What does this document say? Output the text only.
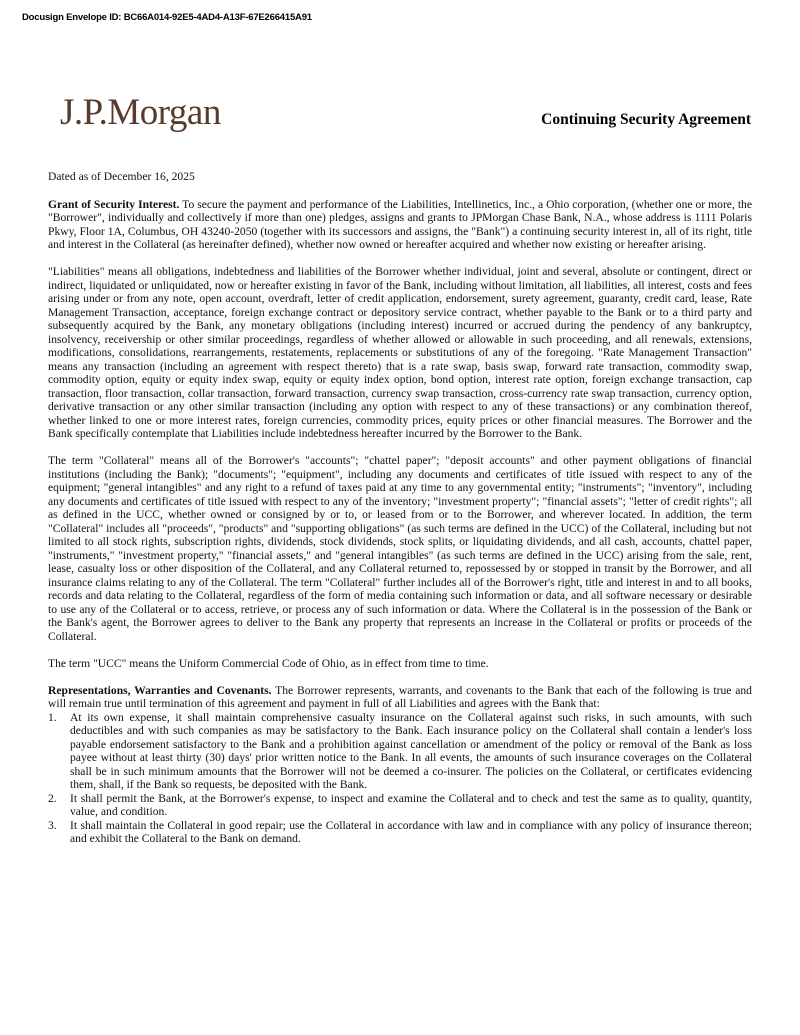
Docusign Envelope ID: BC66A014-92E5-4AD4-A13F-67E266415A91
J.P.Morgan	Continuing Security Agreement

Dated as of December 16, 2025

Grant of Security Interest. To secure the payment and performance of the Liabilities, Intellinetics, Inc., a Ohio corporation, (whether one or more, the "Borrower", individually and collectively if more than one) pledges, assigns and grants to JPMorgan Chase Bank, N.A., whose address is 1111 Polaris Pkwy, Floor 1A, Columbus, OH 43240-2050 (together with its successors and assigns, the "Bank") a continuing security interest in, all of its right, title and interest in the Collateral (as hereinafter defined), whether now owned or hereafter acquired and whether now existing or hereafter arising.

"Liabilities" means all obligations, indebtedness and liabilities of the Borrower whether individual, joint and several, absolute or contingent, direct or indirect, liquidated or unliquidated, now or hereafter existing in favor of the Bank, including without limitation, all liabilities, all interest, costs and fees arising under or from any note, open account, overdraft, letter of credit application, endorsement, surety agreement, guaranty, credit card, lease, Rate Management Transaction, acceptance, foreign exchange contract or depository service contract, whether payable to the Bank or to a third party and subsequently acquired by the Bank, any monetary obligations (including interest) incurred or accrued during the pendency of any bankruptcy, insolvency, receivership or other similar proceedings, regardless of whether allowed or allowable in such proceeding, and all renewals, extensions, modifications, consolidations, rearrangements, restatements, replacements or substitutions of any of the foregoing. "Rate Management Transaction" means any transaction (including an agreement with respect thereto) that is a rate swap, basis swap, forward rate transaction, commodity swap, commodity option, equity or equity index swap, equity or equity index option, bond option, interest rate option, foreign exchange transaction, cap transaction, floor transaction, collar transaction, forward transaction, currency swap transaction, cross-currency rate swap transaction, currency option, derivative transaction or any other similar transaction (including any option with respect to any of these transactions) or any combination thereof, whether linked to one or more interest rates, foreign currencies, commodity prices, equity prices or other financial measures. The Borrower and the Bank specifically contemplate that Liabilities include indebtedness hereafter incurred by the Borrower to the Bank.

The term "Collateral" means all of the Borrower's "accounts"; "chattel paper"; "deposit accounts" and other payment obligations of financial institutions (including the Bank); "documents"; "equipment", including any documents and certificates of title issued with respect to any of the equipment; "general intangibles" and any right to a refund of taxes paid at any time to any governmental entity; "instruments"; "inventory", including any documents and certificates of title issued with respect to any of the inventory; "investment property"; "financial assets"; "letter of credit rights"; all as defined in the UCC, whether owned or consigned by or to, or leased from or to the Borrower, and wherever located. In addition, the term "Collateral" includes all "proceeds", "products" and "supporting obligations" (as such terms are defined in the UCC) of the Collateral, including but not limited to all stock rights, subscription rights, dividends, stock dividends, stock splits, or liquidating dividends, and all cash, accounts, chattel paper, "instruments," "investment property," "financial assets," and "general intangibles" (as such terms are defined in the UCC) arising from the sale, rent, lease, casualty loss or other disposition of the Collateral, and any Collateral returned to, repossessed by or stopped in transit by the Borrower, and all insurance claims relating to any of the Collateral. The term "Collateral" further includes all of the Borrower's right, title and interest in and to all books, records and data relating to the Collateral, regardless of the form of media containing such information or data, and all software necessary or desirable to use any of the Collateral or to access, retrieve, or process any of such information or data. Where the Collateral is in the possession of the Bank or the Bank's agent, the Borrower agrees to deliver to the Bank any property that represents an increase in the Collateral or profits or proceeds of the Collateral.

The term "UCC" means the Uniform Commercial Code of Ohio, as in effect from time to time.

Representations, Warranties and Covenants. The Borrower represents, warrants, and covenants to the Bank that each of the following is true and will remain true until termination of this agreement and payment in full of all Liabilities and agrees with the Bank that:

1.	At its own expense, it shall maintain comprehensive casualty insurance on the Collateral against such risks, in such amounts, with such deductibles and with such companies as may be satisfactory to the Bank. Each insurance policy on the Collateral shall contain a lender's loss payable endorsement satisfactory to the Bank and a prohibition against cancellation or amendment of the policy or removal of the Bank as loss payee without at least thirty (30) days' prior written notice to the Bank. In all events, the amounts of such insurance coverages on the Collateral shall be in such minimum amounts that the Borrower will not be deemed a co-insurer. The policies on the Collateral, or certificates evidencing them, shall, if the Bank so requests, be deposited with the Bank.
2.	It shall permit the Bank, at the Borrower's expense, to inspect and examine the Collateral and to check and test the same as to quality, quantity, value, and condition.
3.	It shall maintain the Collateral in good repair; use the Collateral in accordance with law and in compliance with any policy of insurance thereon; and exhibit the Collateral to the Bank on demand.
